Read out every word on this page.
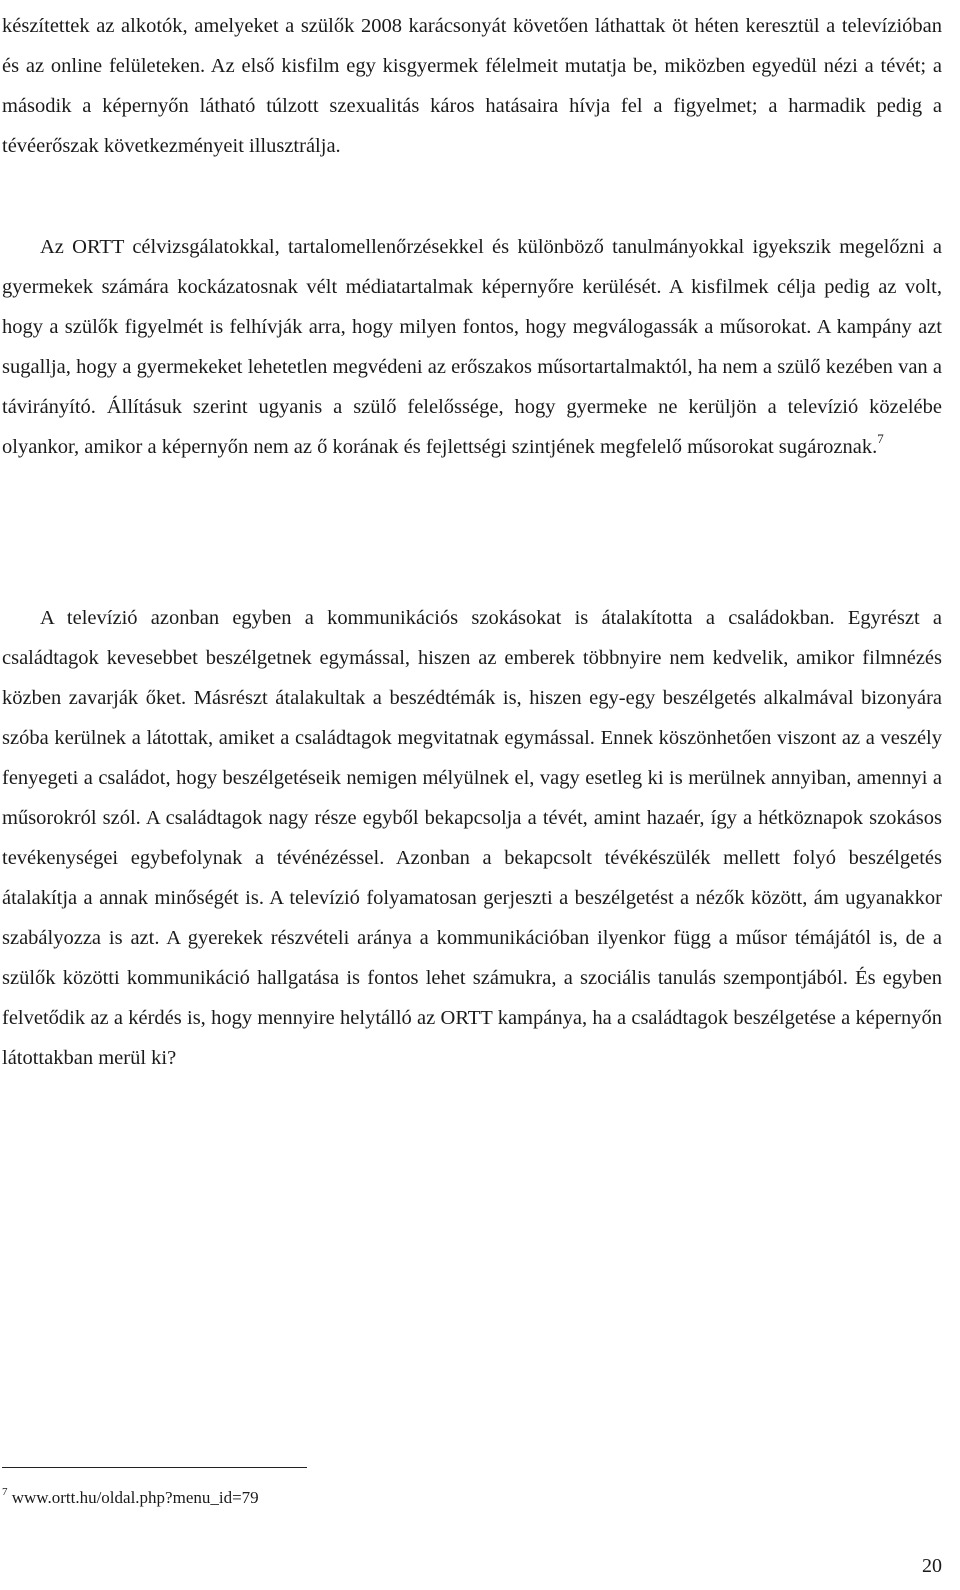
készítettek az alkotók, amelyeket a szülők 2008 karácsonyát követően láthattak öt héten keresztül a televízióban és az online felületeken. Az első kisfilm egy kisgyermek félelmeit mutatja be, miközben egyedül nézi a tévét; a második a képernyőn látható túlzott szexualitás káros hatásaira hívja fel a figyelmet; a harmadik pedig a tévéerőszak következményeit illusztrálja.

Az ORTT célvizsgálatokkal, tartalomellenőrzésekkel és különböző tanulmányokkal igyekszik megelőzni a gyermekek számára kockázatosnak vélt médiatartalmak képernyőre kerülését. A kisfilmek célja pedig az volt, hogy a szülők figyelmét is felhívják arra, hogy milyen fontos, hogy megválogassák a műsorokat. A kampány azt sugallja, hogy a gyermekeket lehetetlen megvédeni az erőszakos műsortartalmaktól, ha nem a szülő kezében van a távirányító. Állításuk szerint ugyanis a szülő felelőssége, hogy gyermeke ne kerüljön a televízió közelébe olyankor, amikor a képernyőn nem az ő korának és fejlettségi szintjének megfelelő műsorokat sugároznak.$^7$

A televízió azonban egyben a kommunikációs szokásokat is átalakította a családokban. Egyrészt a családtagok kevesebbet beszélgetnek egymással, hiszen az emberek többnyire nem kedvelik, amikor filmnézés közben zavarják őket. Másrészt átalakultak a beszédtémák is, hiszen egy-egy beszélgetés alkalmával bizonyára szóba kerülnek a látottak, amiket a családtagok megvitatnak egymással. Ennek köszönhetően viszont az a veszély fenyegeti a családot, hogy beszélgetéseik nemigen mélyülnek el, vagy esetleg ki is merülnek annyiban, amennyi a műsorokról szól. A családtagok nagy része egyből bekapcsolja a tévét, amint hazaér, így a hétköznapok szokásos tevékenységei egybefolynak a tévénézéssel. Azonban a bekapcsolt tévékészülék mellett folyó beszélgetés átalakítja a annak minőségét is. A televízió folyamatosan gerjeszti a beszélgetést a nézők között, ám ugyanakkor szabályozza is azt. A gyerekek részvételi aránya a kommunikációban ilyenkor függ a műsor témájától is, de a szülők közötti kommunikáció hallgatása is fontos lehet számukra, a szociális tanulás szempontjából. És egyben felvetődik az a kérdés is, hogy mennyire helytálló az ORTT kampánya, ha a családtagok beszélgetése a képernyőn látottakban merül ki?

$^7$ www.ortt.hu/oldal.php?menu_id=79
20
